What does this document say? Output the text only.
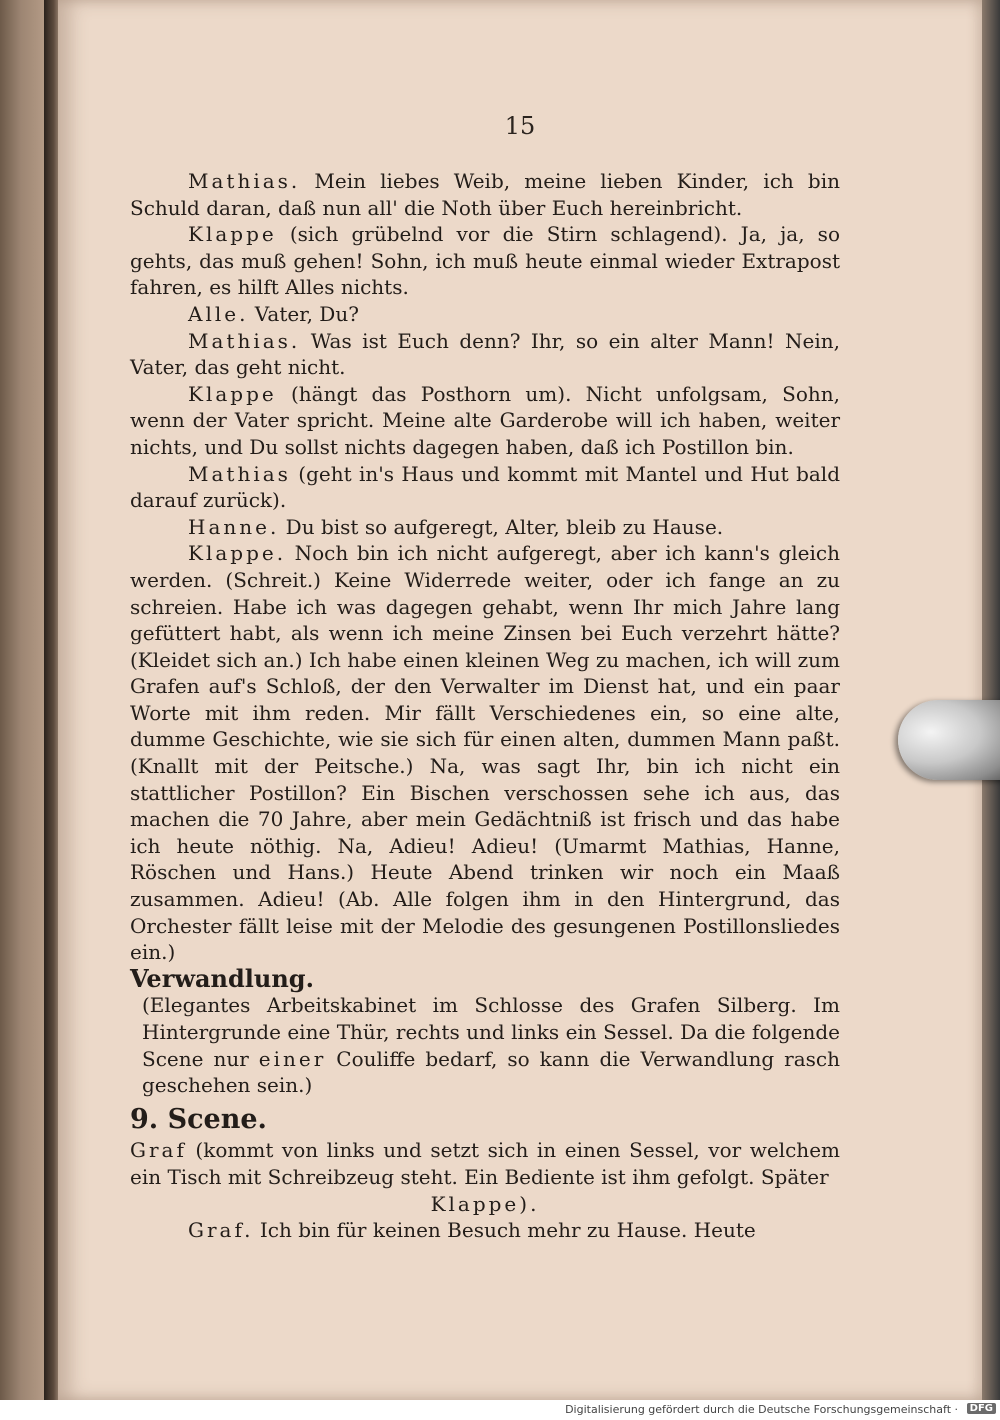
15

Mathias. Mein liebes Weib, meine lieben Kinder, ich bin Schuld daran, daß nun all' die Noth über Euch hereinbricht.

Klappe (sich grübelnd vor die Stirn schlagend). Ja, ja, so gehts, das muß gehen! Sohn, ich muß heute einmal wieder Extrapost fahren, es hilft Alles nichts.

Alle. Vater, Du?

Mathias. Was ist Euch denn? Ihr, so ein alter Mann! Nein, Vater, das geht nicht.

Klappe (hängt das Posthorn um). Nicht unfolgsam, Sohn, wenn der Vater spricht. Meine alte Garderobe will ich haben, weiter nichts, und Du sollst nichts dagegen haben, daß ich Postillon bin.

Mathias (geht in's Haus und kommt mit Mantel und Hut bald darauf zurück).

Hanne. Du bist so aufgeregt, Alter, bleib zu Hause.

Klappe. Noch bin ich nicht aufgeregt, aber ich kann's gleich werden. (Schreit.) Keine Widerrede weiter, oder ich fange an zu schreien. Habe ich was dagegen gehabt, wenn Ihr mich Jahre lang gefüttert habt, als wenn ich meine Zinsen bei Euch verzehrt hätte? (Kleidet sich an.) Ich habe einen kleinen Weg zu machen, ich will zum Grafen auf's Schloß, der den Verwalter im Dienst hat, und ein paar Worte mit ihm reden. Mir fällt Verschiedenes ein, so eine alte, dumme Geschichte, wie sie sich für einen alten, dummen Mann paßt. (Knallt mit der Peitsche.) Na, was sagt Ihr, bin ich nicht ein stattlicher Postillon? Ein Bischen verschossen sehe ich aus, das machen die 70 Jahre, aber mein Gedächtniß ist frisch und das habe ich heute nöthig. Na, Adieu! Adieu! (Umarmt Mathias, Hanne, Röschen und Hans.) Heute Abend trinken wir noch ein Maaß zusammen. Adieu! (Ab. Alle folgen ihm in den Hintergrund, das Orchester fällt leise mit der Melodie des gesungenen Postillonsliedes ein.)

Verwandlung.

(Elegantes Arbeitskabinet im Schlosse des Grafen Silberg. Im Hintergrunde eine Thür, rechts und links ein Sessel. Da die folgende Scene nur einer Couliffe bedarf, so kann die Verwandlung rasch geschehen sein.)

9. Scene.

Graf (kommt von links und setzt sich in einen Sessel, vor welchem ein Tisch mit Schreibzeug steht. Ein Bediente ist ihm gefolgt. Später

Klappe).

Graf. Ich bin für keinen Besuch mehr zu Hause. Heute

Digitalisierung gefördert durch die Deutsche Forschungsgemeinschaft ·	DFG
